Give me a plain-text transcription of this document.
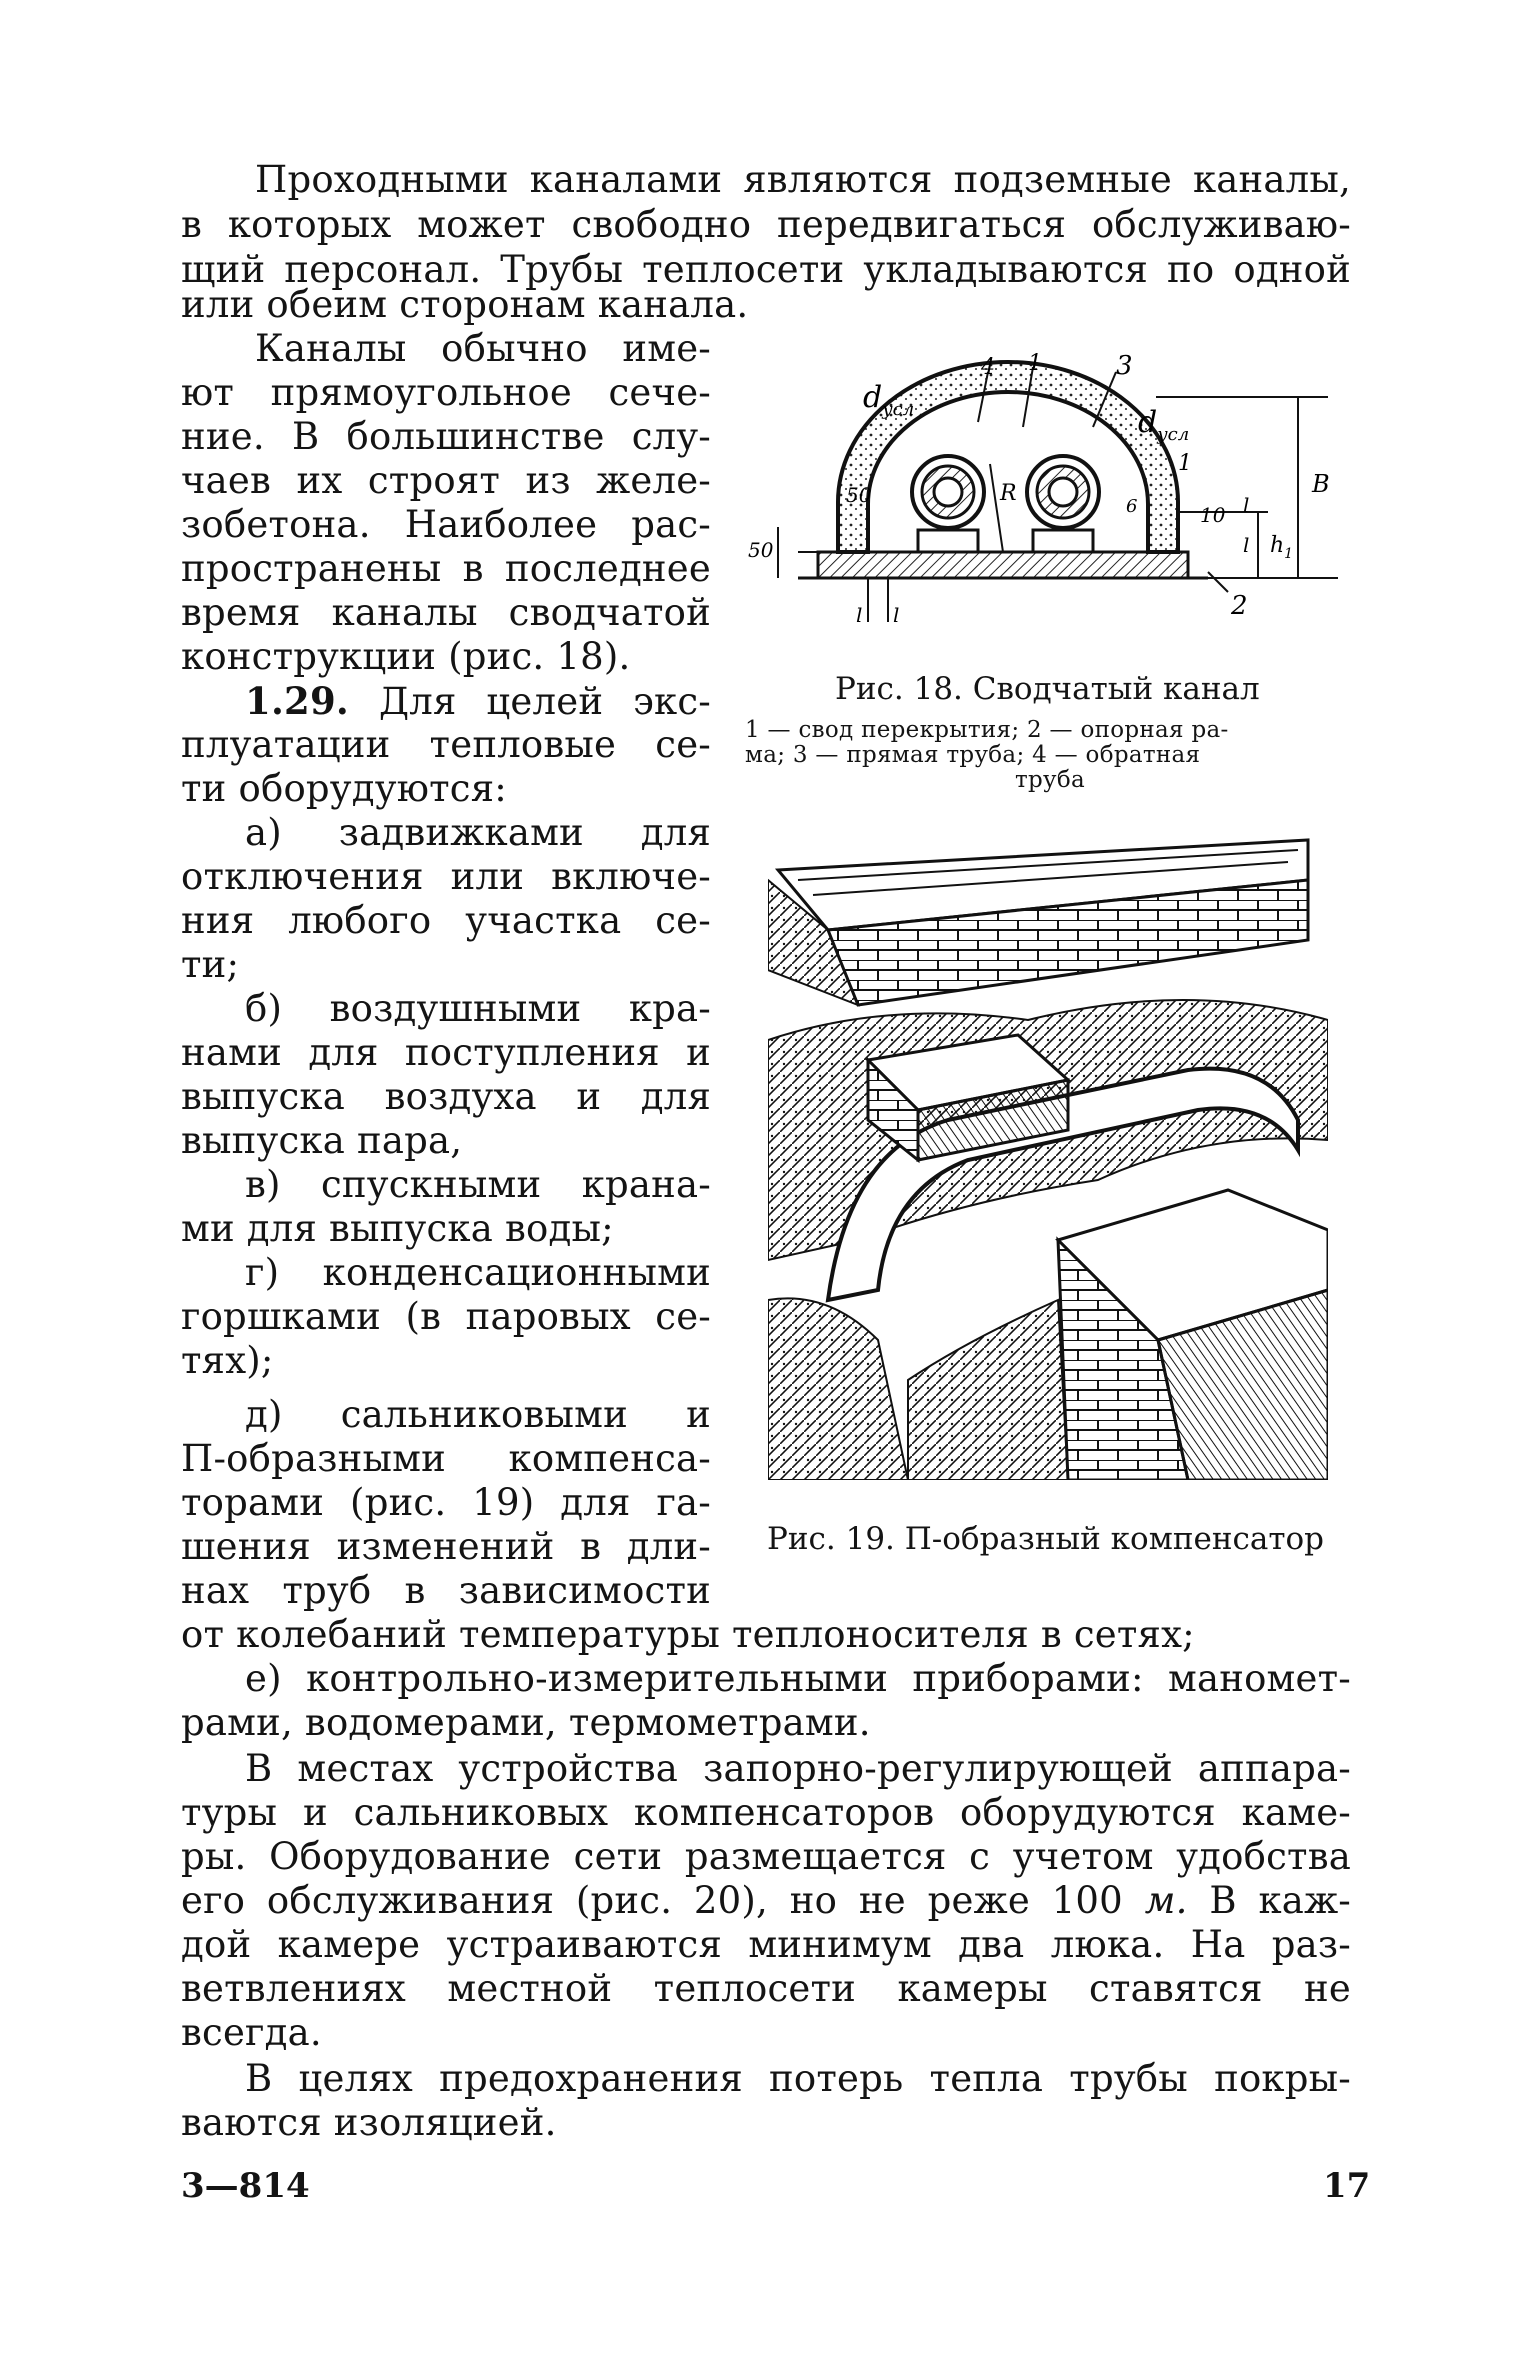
Проходными каналами являются подземные каналы,

в которых может свободно передвигаться обслуживаю-

щий персонал. Трубы теплосети укладываются по одной

или обеим сторонам канала.

Каналы обычно име-

ют прямоугольное сече-

ние. В большинстве слу-

чаев их строят из желе-

зобетона. Наиболее рас-

пространены в последнее

время каналы сводчатой

конструкции (рис. 18).

1.29. Для целей экс-

плуатации тепловые се-

ти оборудуются:

а) задвижками для

отключения или включе-

ния любого участка се-

ти;

б) воздушными кра-

нами для поступления и

выпуска воздуха и для

выпуска пара,

в) спускными крана-

ми для выпуска воды;

г) конденсационными

горшками (в паровых се-

тях);

д) сальниковыми и

П-образными компенса-

торами (рис. 19) для га-

шения изменений в дли-

нах труб в зависимости

от колебаний температуры теплоносителя в сетях;

е) контрольно-измерительными приборами: маномет-

рами, водомерами, термометрами.

В местах устройства запорно-регулирующей аппара-

туры и сальниковых компенсаторов оборудуются каме-

ры. Оборудование сети размещается с учетом удобства

его обслуживания (рис. 20), но не реже 100 м. В каж-

дой камере устраиваются минимум два люка. На раз-

ветвлениях местной теплосети камеры ставятся не

всегда.

В целях предохранения потерь тепла трубы покры-

ваются изоляцией.

$d_{усл}$	$d_{усл}$
4 1	3
1
2
R	B
$h_1$
50
50
10
6
l l
l
l

Рис. 18. Сводчатый канал

1 — свод перекрытия; 2 — опорная ра-

ма; 3 — прямая труба; 4 — обратная

труба

Рис. 19. П-образный компенсатор

3—814	17
